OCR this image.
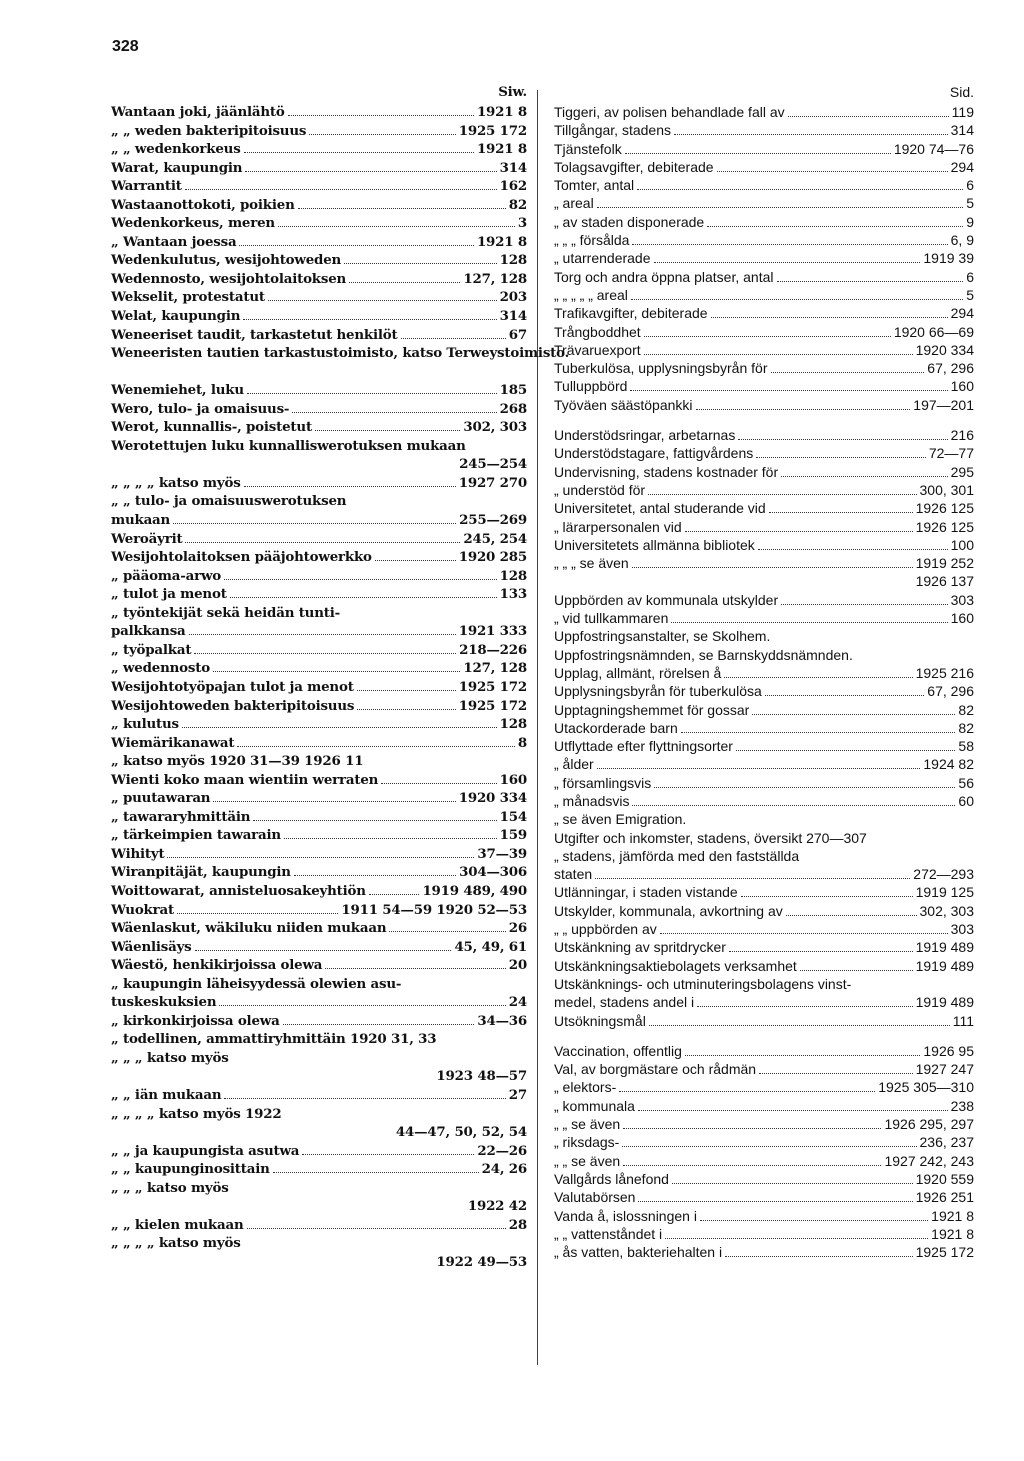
328
Siw.
Wantaan joki, jäänlähtö	1921 8
„ „ weden bakteripitoisuus	1925 172
„ „ wedenkorkeus	1921 8
Warat, kaupungin	314
Warrantit	162
Wastaanottokoti, poikien	82
Wedenkorkeus, meren	3
„ Wantaan joessa	1921 8
Wedenkulutus, wesijohtoweden	128
Wedennosto, wesijohtolaitoksen	127, 128
Wekselit, protestatut	203
Welat, kaupungin	314
Weneeriset taudit, tarkastetut henkilöt	67
Weneeristen tautien tarkastustoimisto, katso Terweystoimisto.
Wenemiehet, luku	185
Wero, tulo- ja omaisuus-	268
Werot, kunnallis-, poistetut	302, 303
Werotettujen luku kunnalliswerotuksen mukaan
245—254
„ „ „ „ katso myös	1927 270
„ „ tulo- ja omaisuuswerotuksen
mukaan	255—269
Weroäyrit	245, 254
Wesijohtolaitoksen pääjohtowerkko	1920 285
„ pääoma-arwo	128
„ tulot ja menot	133
„ työntekijät sekä heidän tunti-
palkkansa	1921 333
„ työpalkat	218—226
„ wedennosto	127, 128
Wesijohtotyöpajan tulot ja menot	1925 172
Wesijohtoweden bakteripitoisuus	1925 172
„ kulutus	128
Wiemärikanawat	8
„ katso myös 1920 31—39 1926 11
Wienti koko maan wientiin werraten	160
„ puutawaran	1920 334
„ tawararyhmittäin	154
„ tärkeimpien tawarain	159
Wihityt	37—39
Wiranpitäjät, kaupungin	304—306
Woittowarat, annisteluosakeyhtiön	1919 489, 490
Wuokrat	1911 54—59 1920 52—53
Wäenlaskut, wäkiluku niiden mukaan	26
Wäenlisäys	45, 49, 61
Wäestö, henkikirjoissa olewa	20
„ kaupungin läheisyydessä olewien asu-
tuskeskuksien	24
„ kirkonkirjoissa olewa	34—36
„ todellinen, ammattiryhmittäin 1920 31, 33
„ „ „ katso myös
1923 48—57
„ „ iän mukaan	27
„ „ „ „ katso myös 1922
44—47, 50, 52, 54
„ „ ja kaupungista asutwa	22—26
„ „ kaupunginosittain	24, 26
„ „ „ katso myös
1922 42
„ „ kielen mukaan	28
„ „ „ „ katso myös
1922 49—53
Sid.
Tiggeri, av polisen behandlade fall av	119
Tillgångar, stadens	314
Tjänstefolk	1920 74—76
Tolagsavgifter, debiterade	294
Tomter, antal	6
„ areal	5
„ av staden disponerade	9
„ „ „ försålda	6, 9
„ utarrenderade	1919 39
Torg och andra öppna platser, antal	6
„ „ „ „ „ areal	5
Trafikavgifter, debiterade	294
Trångboddhet	1920 66—69
Trävaruexport	1920 334
Tuberkulösa, upplysningsbyrån för	67, 296
Tulluppbörd	160
Työväen säästöpankki	197—201
Understödsringar, arbetarnas	216
Understödstagare, fattigvårdens	72—77
Undervisning, stadens kostnader för	295
„ understöd för	300, 301
Universitetet, antal studerande vid	1926 125
„ lärarpersonalen vid	1926 125
Universitetets allmänna bibliotek	100
„ „ „ se även	1919 252
1926 137
Uppbörden av kommunala utskylder	303
„ vid tullkammaren	160
Uppfostringsanstalter, se Skolhem.
Uppfostringsnämnden, se Barnskyddsnämnden.
Upplag, allmänt, rörelsen å	1925 216
Upplysningsbyrån för tuberkulösa	67, 296
Upptagningshemmet för gossar	82
Utackorderade barn	82
Utflyttade efter flyttningsorter	58
„ ålder	1924 82
„ församlingsvis	56
„ månadsvis	60
„ se även Emigration.
Utgifter och inkomster, stadens, översikt 270—307
„ stadens, jämförda med den fastställda
staten	272—293
Utlänningar, i staden vistande	1919 125
Utskylder, kommunala, avkortning av	302, 303
„ „ uppbörden av	303
Utskänkning av spritdrycker	1919 489
Utskänkningsaktiebolagets verksamhet	1919 489
Utskänknings- och utminuteringsbolagens vinst-
medel, stadens andel i	1919 489
Utsökningsmål	111
Vaccination, offentlig	1926 95
Val, av borgmästare och rådmän	1927 247
„ elektors-	1925 305—310
„ kommunala	238
„ „ se även	1926 295, 297
„ riksdags-	236, 237
„ „ se även	1927 242, 243
Vallgårds lånefond	1920 559
Valutabörsen	1926 251
Vanda å, islossningen i	1921 8
„ „ vattenståndet i	1921 8
„ ås vatten, bakteriehalten i	1925 172
